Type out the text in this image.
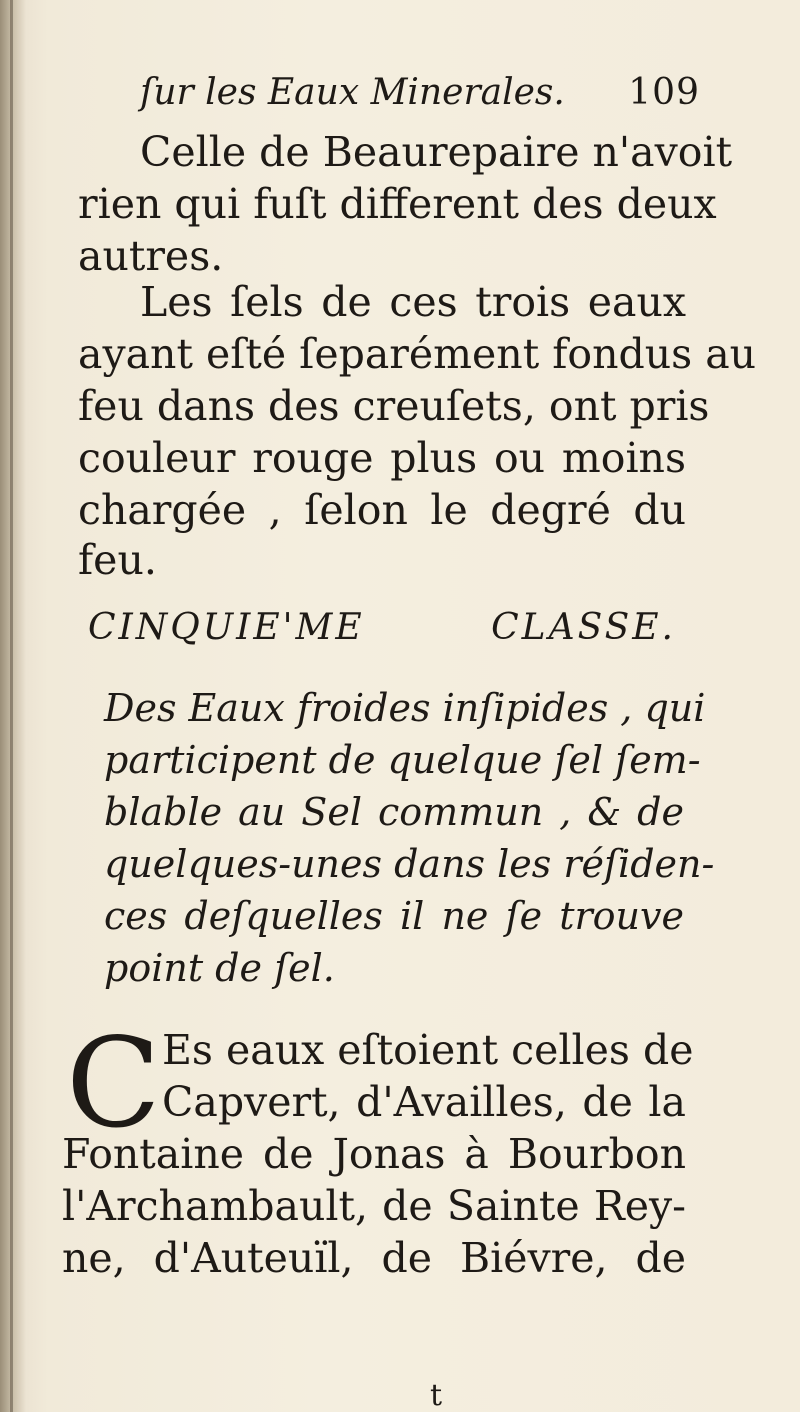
ſur les Eaux Minerales. 109
Celle de Beaurepaire n'avoit
rien qui fuſt different des deux
autres.
Les ſels de ces trois eaux
ayant eſté ſeparément fondus au
feu dans des creuſets, ont pris
couleur rouge plus ou moins
chargée , ſelon le degré du
feu.
CINQUIE'ME CLASSE.
Des Eaux froides inſipides , qui
participent de quelque ſel ſem-
blable au Sel commun , & de
quelques-unes dans les réſiden-
ces deſquelles il ne ſe trouve
point de ſel.
C Es eaux eſtoient celles de
Capvert, d'Availles, de la
Fontaine de Jonas à Bourbon
l'Archambault, de Sainte Rey-
ne, d'Auteuïl, de Biévre, de
t
